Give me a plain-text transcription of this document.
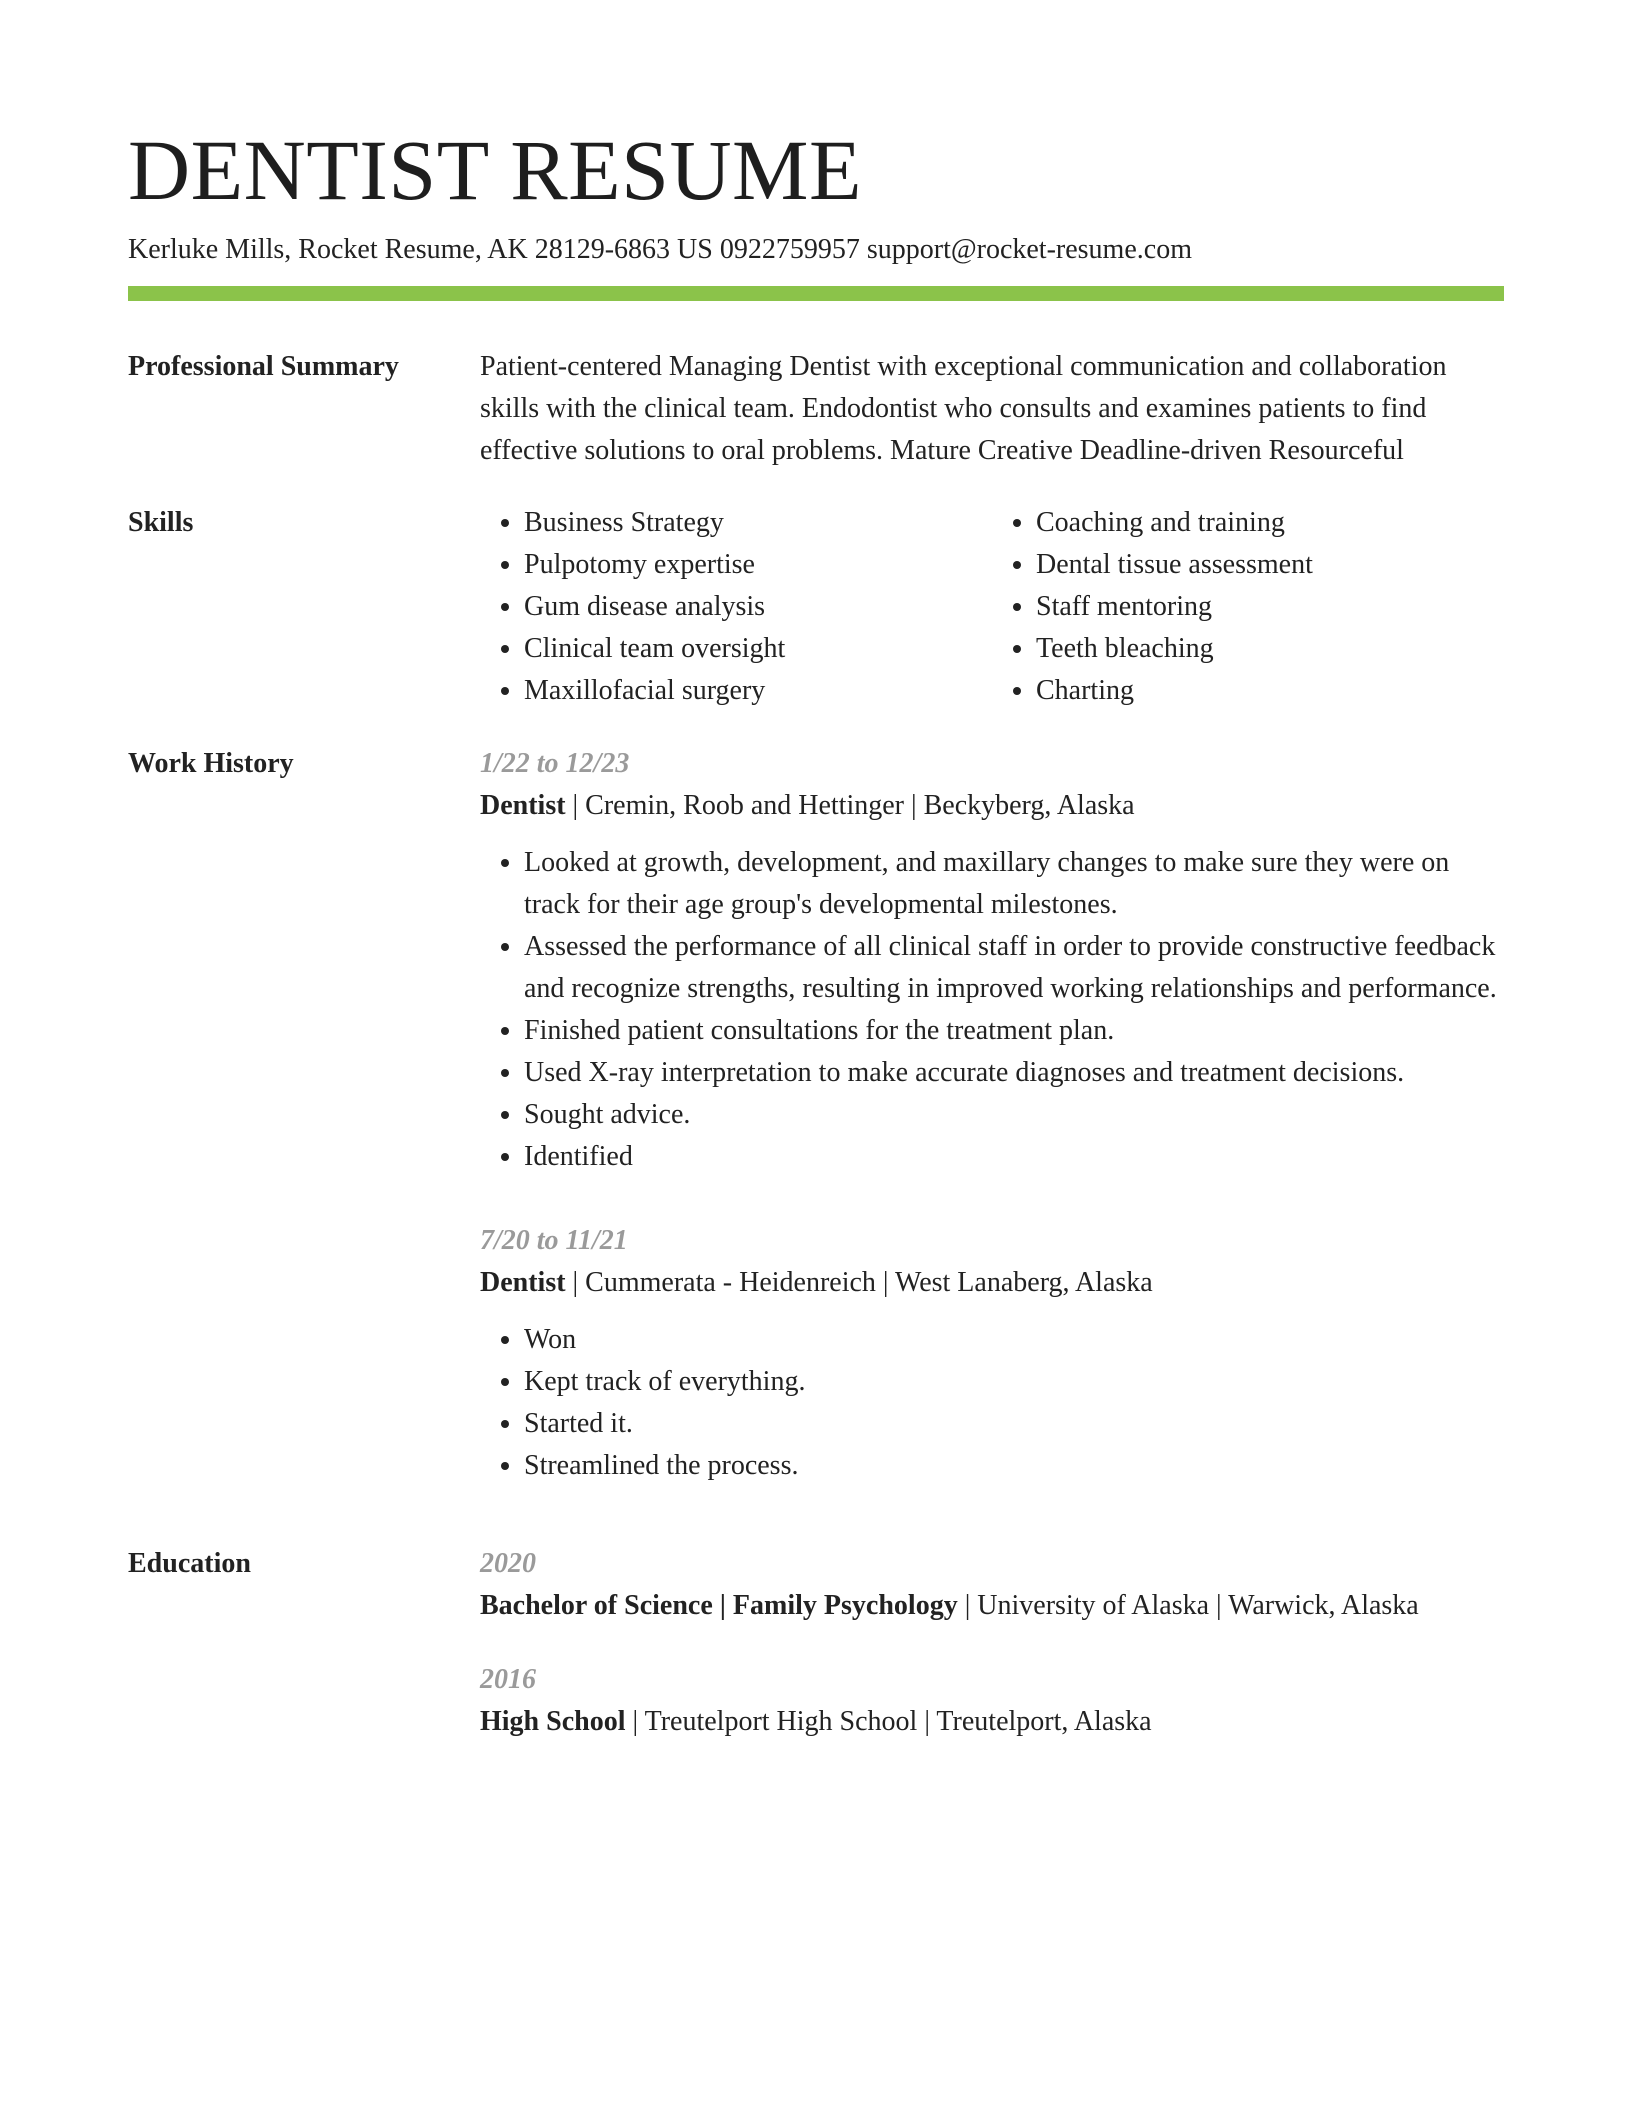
DENTIST RESUME
Kerluke Mills, Rocket Resume, AK 28129-6863 US 0922759957 support@rocket-resume.com
Professional Summary	Patient-centered Managing Dentist with exceptional communication and collaboration skills with the clinical team. Endodontist who consults and examines patients to find effective solutions to oral problems. Mature Creative Deadline-driven Resourceful

Skills
•	Business Strategy
• Pulpotomy expertise
• Gum disease analysis
• Clinical team oversight
• Maxillofacial surgery
• Coaching and training
• Dental tissue assessment
• Staff mentoring
• Teeth bleaching
• Charting
Work History	1/22 to 12/23
Dentist | Cremin, Roob and Hettinger | Beckyberg, Alaska
• Looked at growth, development, and maxillary changes to make sure they were on track for their age group's developmental milestones.
• Assessed the performance of all clinical staff in order to provide constructive feedback and recognize strengths, resulting in improved working relationships and performance.
• Finished patient consultations for the treatment plan.
• Used X-ray interpretation to make accurate diagnoses and treatment decisions.
• Sought advice.
• Identified
7/20 to 11/21
Dentist | Cummerata - Heidenreich | West Lanaberg, Alaska
• Won
• Kept track of everything.
• Started it.
• Streamlined the process.
Education	2020
Bachelor of Science | Family Psychology | University of Alaska | Warwick, Alaska
2016
High School | Treutelport High School | Treutelport, Alaska
